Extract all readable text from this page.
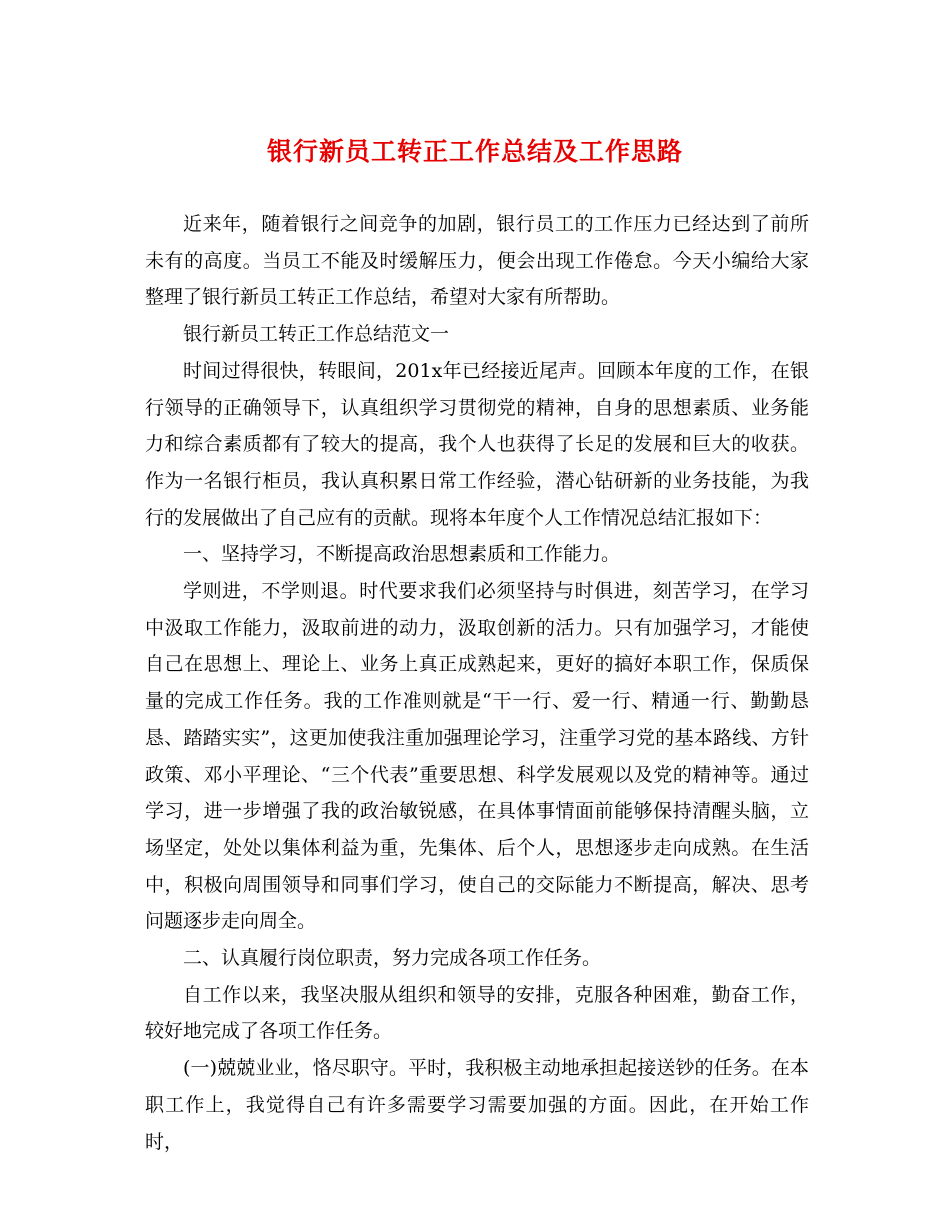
银行新员工转正工作总结及工作思路

近来年，随着银行之间竞争的加剧，银行员工的工作压力已经达到了前所未有的高度。当员工不能及时缓解压力，便会出现工作倦怠。今天小编给大家整理了银行新员工转正工作总结，希望对大家有所帮助。

银行新员工转正工作总结范文一

时间过得很快，转眼间，201x年已经接近尾声。回顾本年度的工作，在银行领导的正确领导下，认真组织学习贯彻党的精神，自身的思想素质、业务能力和综合素质都有了较大的提高，我个人也获得了长足的发展和巨大的收获。作为一名银行柜员，我认真积累日常工作经验，潜心钻研新的业务技能，为我行的发展做出了自己应有的贡献。现将本年度个人工作情况总结汇报如下：

一、坚持学习，不断提高政治思想素质和工作能力。

学则进，不学则退。时代要求我们必须坚持与时俱进，刻苦学习，在学习中汲取工作能力，汲取前进的动力，汲取创新的活力。只有加强学习，才能使自己在思想上、理论上、业务上真正成熟起来，更好的搞好本职工作，保质保量的完成工作任务。我的工作准则就是“干一行、爱一行、精通一行、勤勤恳恳、踏踏实实”，这更加使我注重加强理论学习，注重学习党的基本路线、方针政策、邓小平理论、“三个代表”重要思想、科学发展观以及党的精神等。通过学习，进一步增强了我的政治敏锐感，在具体事情面前能够保持清醒头脑，立场坚定，处处以集体利益为重，先集体、后个人，思想逐步走向成熟。在生活中，积极向周围领导和同事们学习，使自己的交际能力不断提高，解决、思考问题逐步走向周全。

二、认真履行岗位职责，努力完成各项工作任务。

自工作以来，我坚决服从组织和领导的安排，克服各种困难，勤奋工作，较好地完成了各项工作任务。

(一)兢兢业业，恪尽职守。平时，我积极主动地承担起接送钞的任务。在本职工作上，我觉得自己有许多需要学习需要加强的方面。因此，在开始工作时，
